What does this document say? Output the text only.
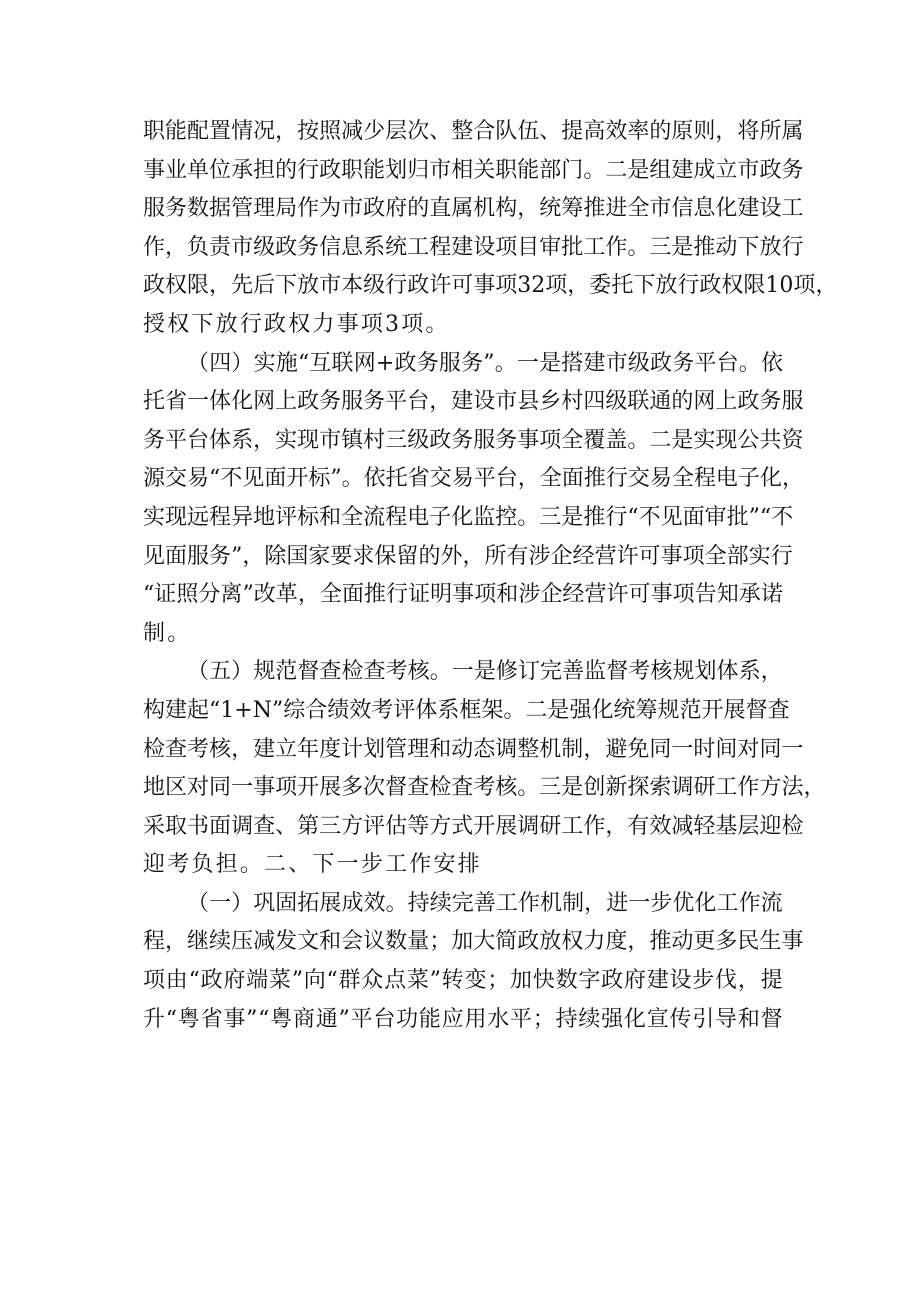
职 能 配 置 情 况 ， 按 照 减 少 层 次 、 整 合 队 伍 、 提 高 效 率 的 原 则 ， 将 所 属
事 业 单 位 承 担 的 行 政 职 能 划 归 市 相 关 职 能 部 门 。 二 是 组 建 成 立 市 政 务
服 务 数 据 管 理 局 作 为 市 政 府 的 直 属 机 构 ， 统 筹 推 进 全 市 信 息 化 建 设 工
作 ， 负 责 市 级 政 务 信 息 系 统 工 程 建 设 项 目 审 批 工 作 。 三 是 推 动 下 放 行
政 权 限 ， 先 后 下 放 市 本 级 行 政 许 可 事 项 32 项 ， 委 托 下 放 行 政 权 限 10 项 ，
授 权 下 放 行 政 权 力 事 项 3 项 。
（ 四 ） 实 施 “ 互 联 网 + 政 务 服 务 ” 。 一 是 搭 建 市 级 政 务 平 台 。 依
托 省 一 体 化 网 上 政 务 服 务 平 台 ， 建 设 市 县 乡 村 四 级 联 通 的 网 上 政 务 服
务 平 台 体 系 ， 实 现 市 镇 村 三 级 政 务 服 务 事 项 全 覆 盖 。 二 是 实 现 公 共 资
源 交 易 “ 不 见 面 开 标 ” 。 依 托 省 交 易 平 台 ， 全 面 推 行 交 易 全 程 电 子 化 ，
实 现 远 程 异 地 评 标 和 全 流 程 电 子 化 监 控 。 三 是 推 行 “ 不 见 面 审 批 ” “ 不
见 面 服 务 ” ， 除 国 家 要 求 保 留 的 外 ， 所 有 涉 企 经 营 许 可 事 项 全 部 实 行
“ 证 照 分 离 ” 改 革 ， 全 面 推 行 证 明 事 项 和 涉 企 经 营 许 可 事 项 告 知 承 诺
制 。
（ 五 ） 规 范 督 查 检 查 考 核 。 一 是 修 订 完 善 监 督 考 核 规 划 体 系 ，
构 建 起 “ 1+N ” 综 合 绩 效 考 评 体 系 框 架 。 二 是 强 化 统 筹 规 范 开 展 督 査
检 查 考 核 ， 建 立 年 度 计 划 管 理 和 动 态 调 整 机 制 ， 避 免 同 一 时 间 对 同 一
地 区 对 同 一 事 项 开 展 多 次 督 查 检 査 考 核 。 三 是 创 新 探 索 调 研 工 作 方 法 ，
采 取 书 面 调 查 、 第 三 方 评 估 等 方 式 开 展 调 研 工 作 ， 有 效 减 轻 基 层 迎 检
迎 考 负 担 。 二 、 下 一 步 工 作 安 排
（ 一 ） 巩 固 拓 展 成 效 。 持 续 完 善 工 作 机 制 ， 进 一 步 优 化 工 作 流
程 ， 继 续 压 减 发 文 和 会 议 数 量 ； 加 大 简 政 放 权 力 度 ， 推 动 更 多 民 生 事
项 由 “ 政 府 端 菜 ” 向 “ 群 众 点 菜 ” 转 变 ； 加 快 数 字 政 府 建 设 步 伐 ， 提
升 “ 粤 省 事 ” “ 粤 商 通 ” 平 台 功 能 应 用 水 平 ； 持 续 强 化 宣 传 引 导 和 督
